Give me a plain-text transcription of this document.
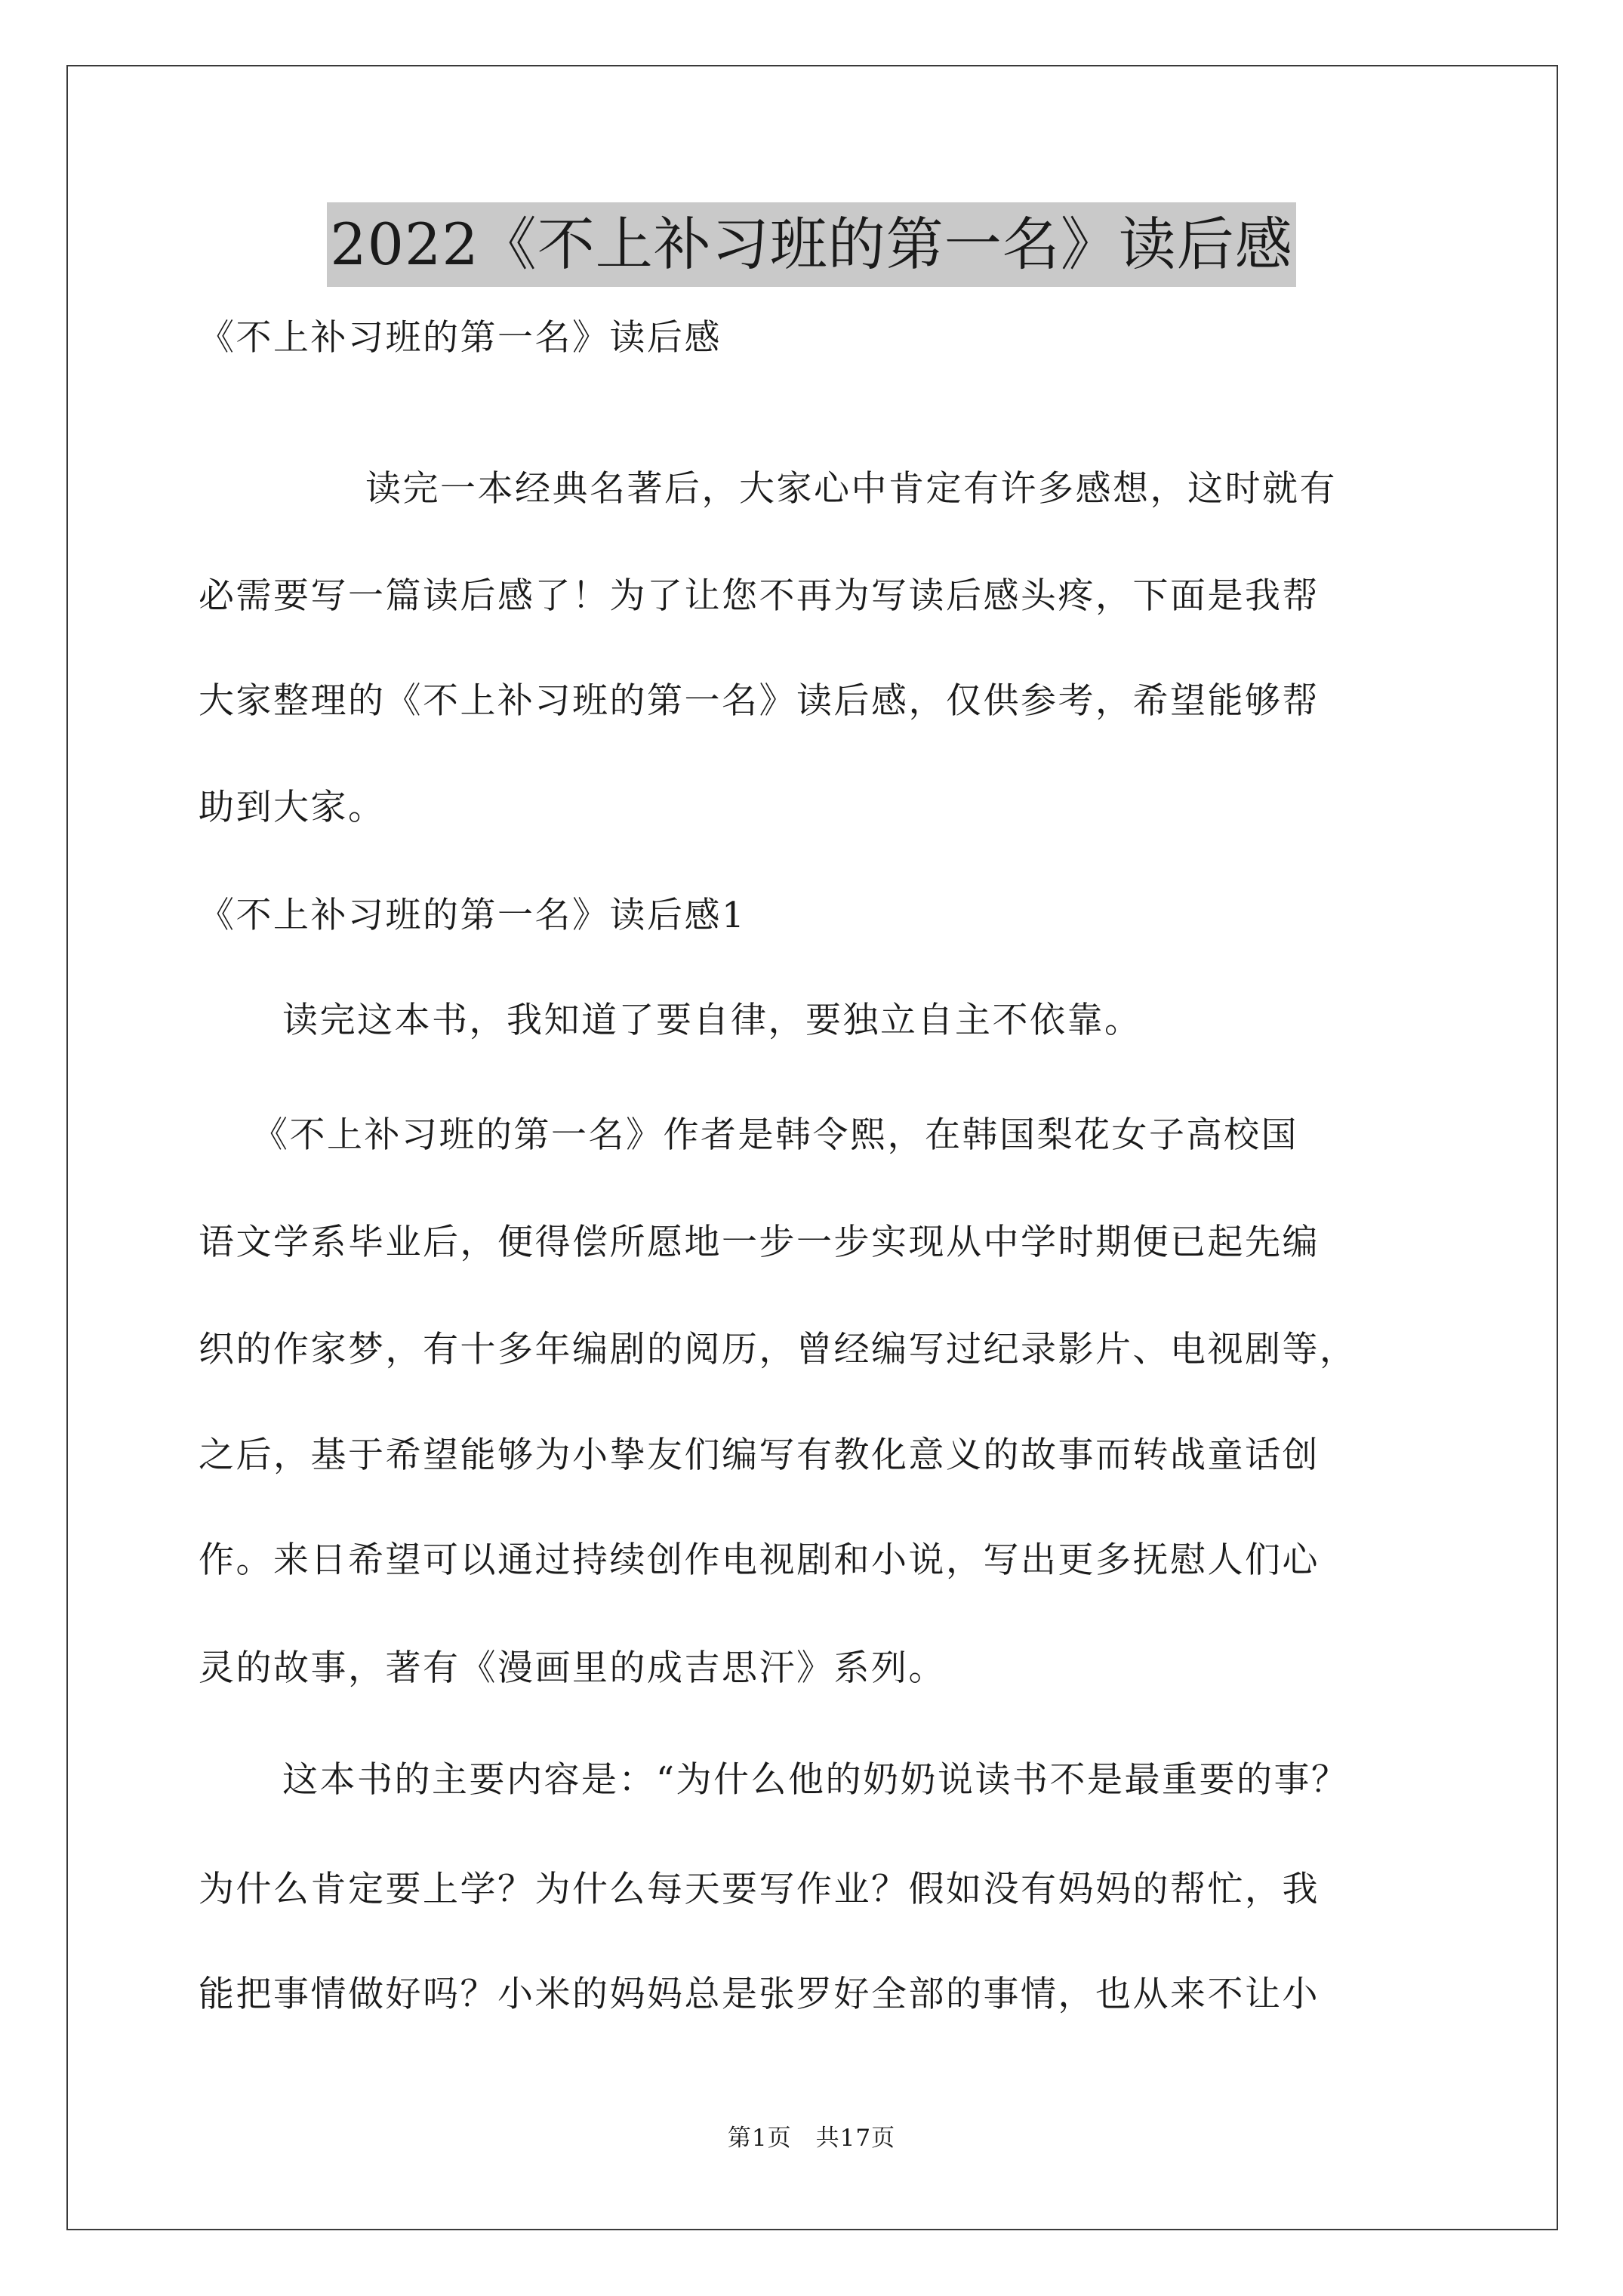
2022《不上补习班的第一名》读后感
《不上补习班的第一名》读后感
读完一本经典名著后，大家心中肯定有许多感想，这时就有
必需要写一篇读后感了！为了让您不再为写读后感头疼，下面是我帮
大家整理的《不上补习班的第一名》读后感，仅供参考，希望能够帮
助到大家。
《不上补习班的第一名》读后感1
读完这本书，我知道了要自律，要独立自主不依靠。
《不上补习班的第一名》作者是韩令熙，在韩国梨花女子高校国
语文学系毕业后，便得偿所愿地一步一步实现从中学时期便已起先编
织的作家梦，有十多年编剧的阅历，曾经编写过纪录影片、电视剧等，
之后，基于希望能够为小挚友们编写有教化意义的故事而转战童话创
作。来日希望可以通过持续创作电视剧和小说，写出更多抚慰人们心
灵的故事，著有《漫画里的成吉思汗》系列。
这本书的主要内容是：“为什么他的奶奶说读书不是最重要的事？
为什么肯定要上学？为什么每天要写作业？假如没有妈妈的帮忙，我
能把事情做好吗？小米的妈妈总是张罗好全部的事情，也从来不让小
第1页　共17页
